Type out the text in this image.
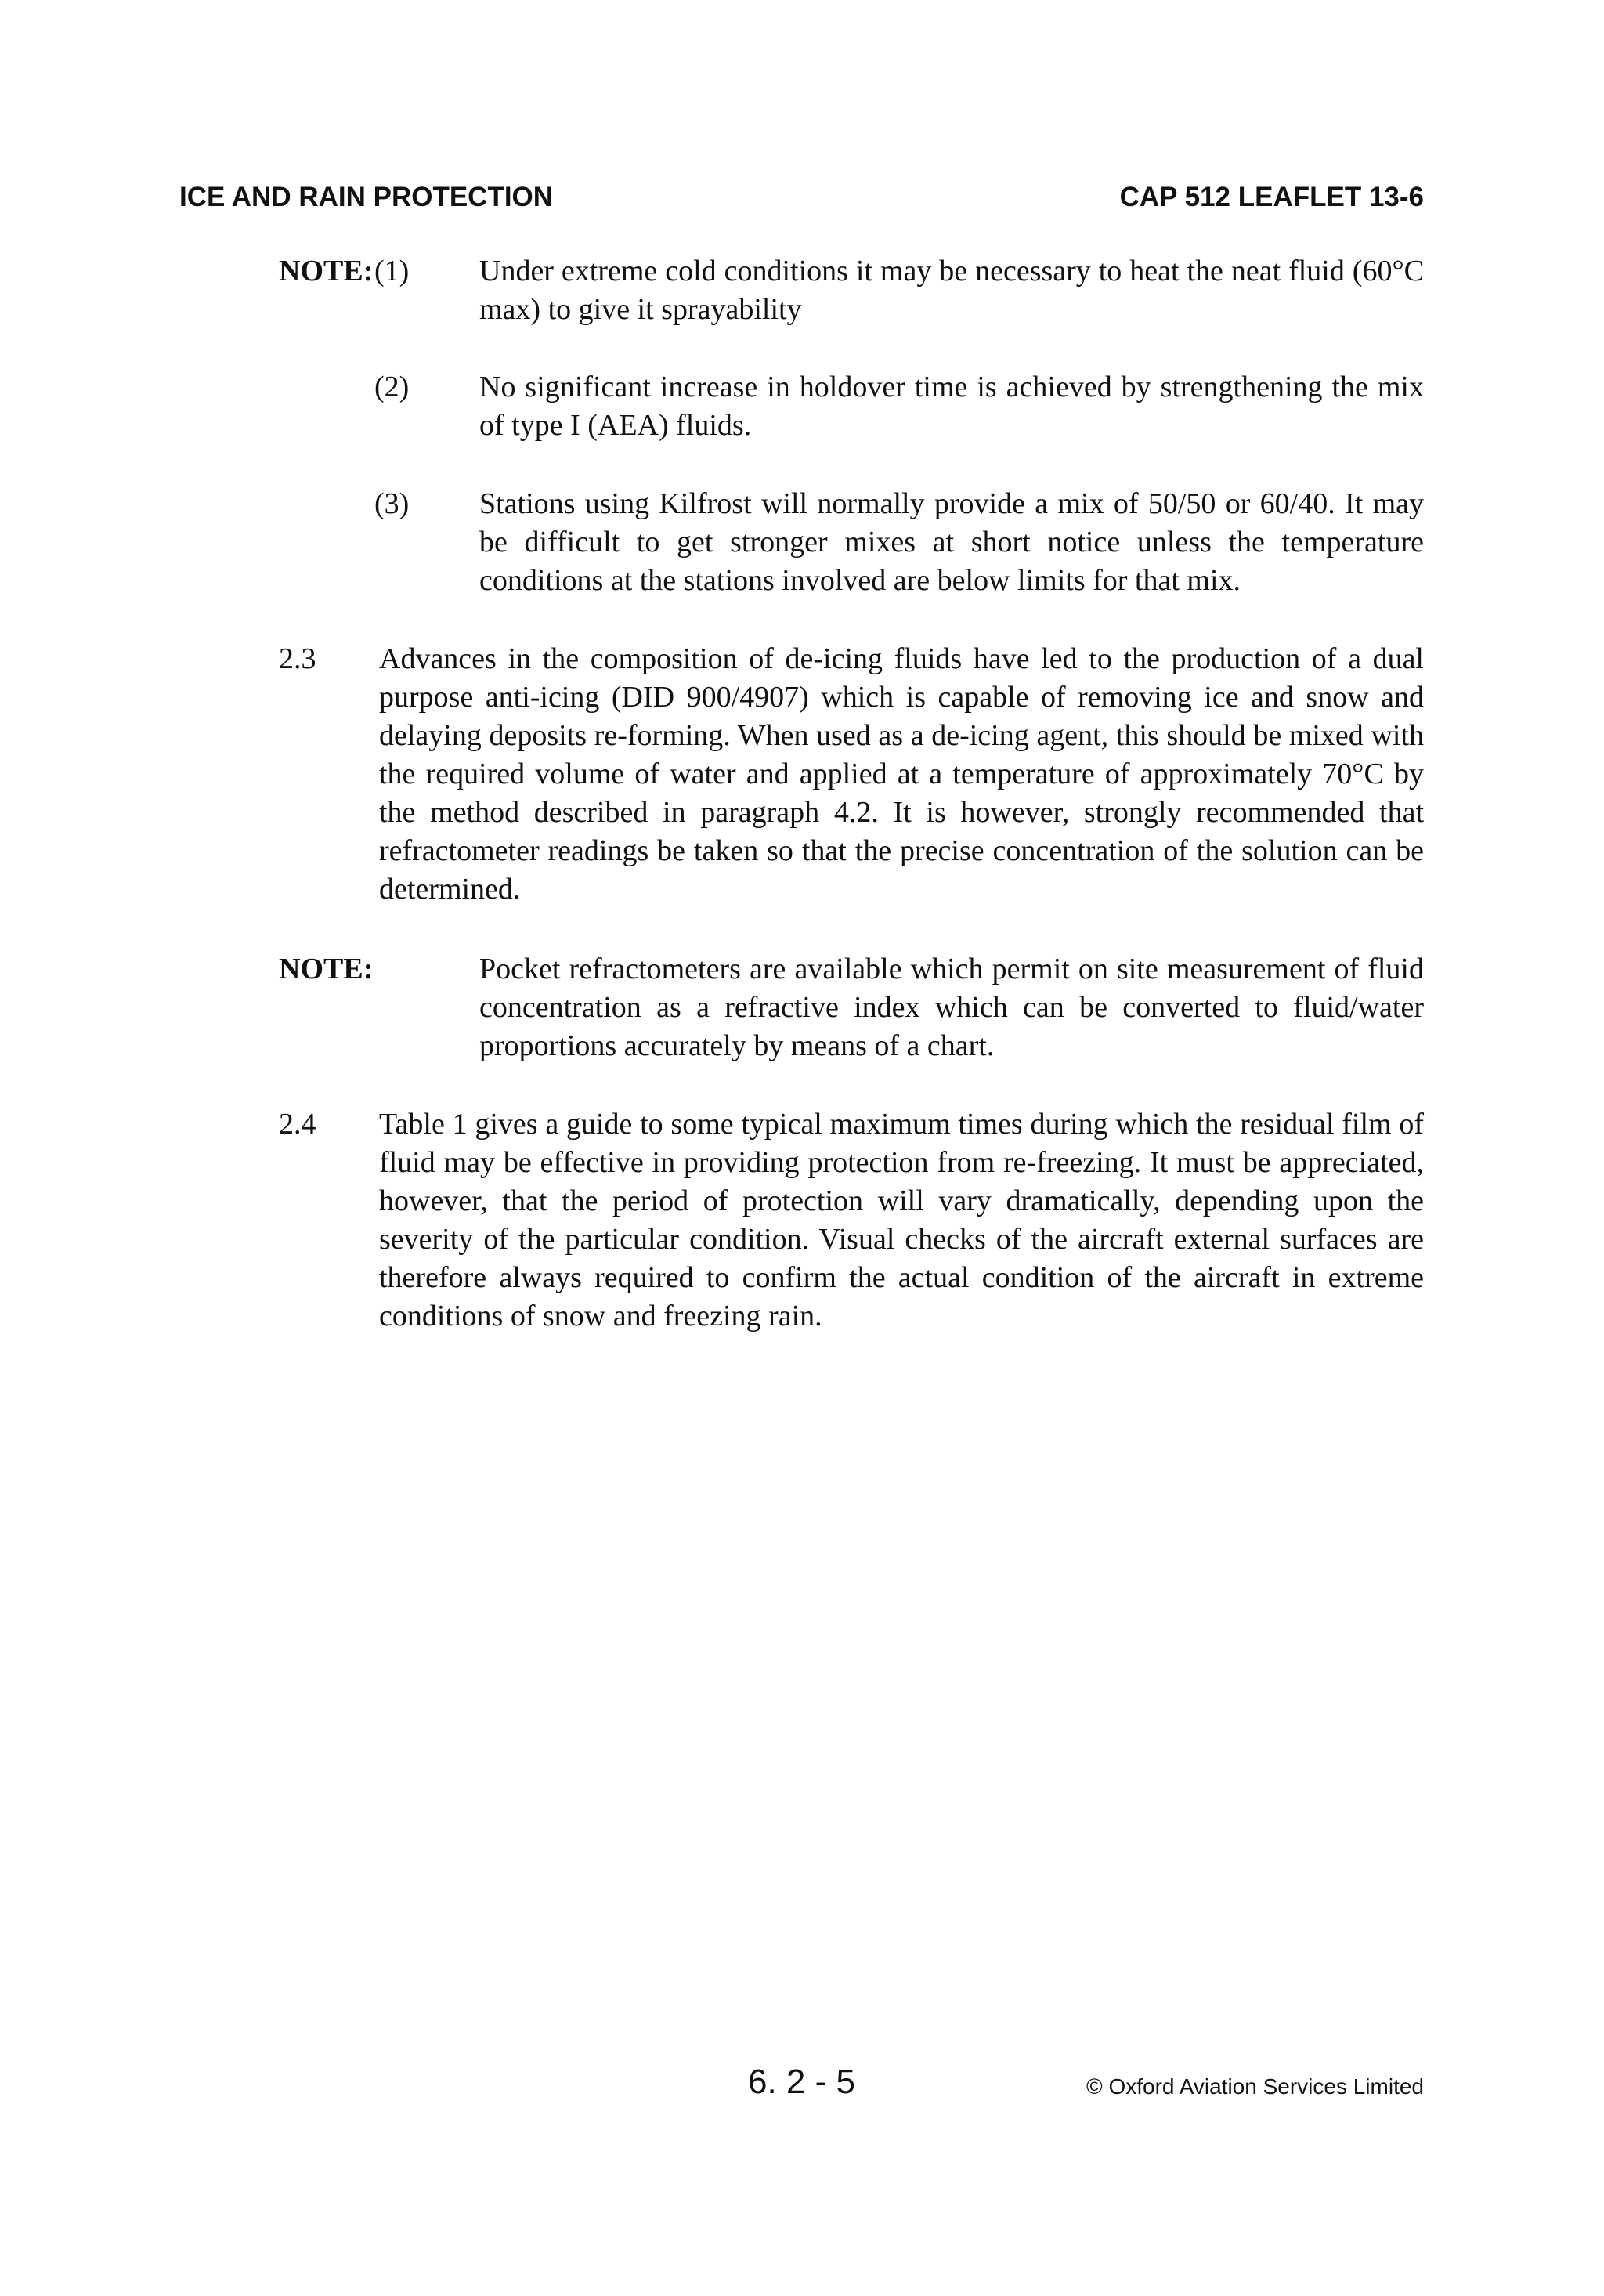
ICE AND RAIN PROTECTION	CAP 512 LEAFLET 13-6
NOTE: (1) Under extreme cold conditions it may be necessary to heat the neat fluid (60°C max) to give it sprayability
(2) No significant increase in holdover time is achieved by strengthening the mix of type I (AEA) fluids.
(3) Stations using Kilfrost will normally provide a mix of 50/50 or 60/40. It may be difficult to get stronger mixes at short notice unless the temperature conditions at the stations involved are below limits for that mix.
2.3 Advances in the composition of de-icing fluids have led to the production of a dual purpose anti-icing (DID 900/4907) which is capable of removing ice and snow and delaying deposits re-forming. When used as a de-icing agent, this should be mixed with the required volume of water and applied at a temperature of approximately 70°C by the method described in paragraph 4.2. It is however, strongly recommended that refractometer readings be taken so that the precise concentration of the solution can be determined.
NOTE:	Pocket refractometers are available which permit on site measurement of fluid concentration as a refractive index which can be converted to fluid/water proportions accurately by means of a chart.
2.4 Table 1 gives a guide to some typical maximum times during which the residual film of fluid may be effective in providing protection from re-freezing. It must be appreciated, however, that the period of protection will vary dramatically, depending upon the severity of the particular condition. Visual checks of the aircraft external surfaces are therefore always required to confirm the actual condition of the aircraft in extreme conditions of snow and freezing rain.
6. 2 - 5	© Oxford Aviation Services Limited
